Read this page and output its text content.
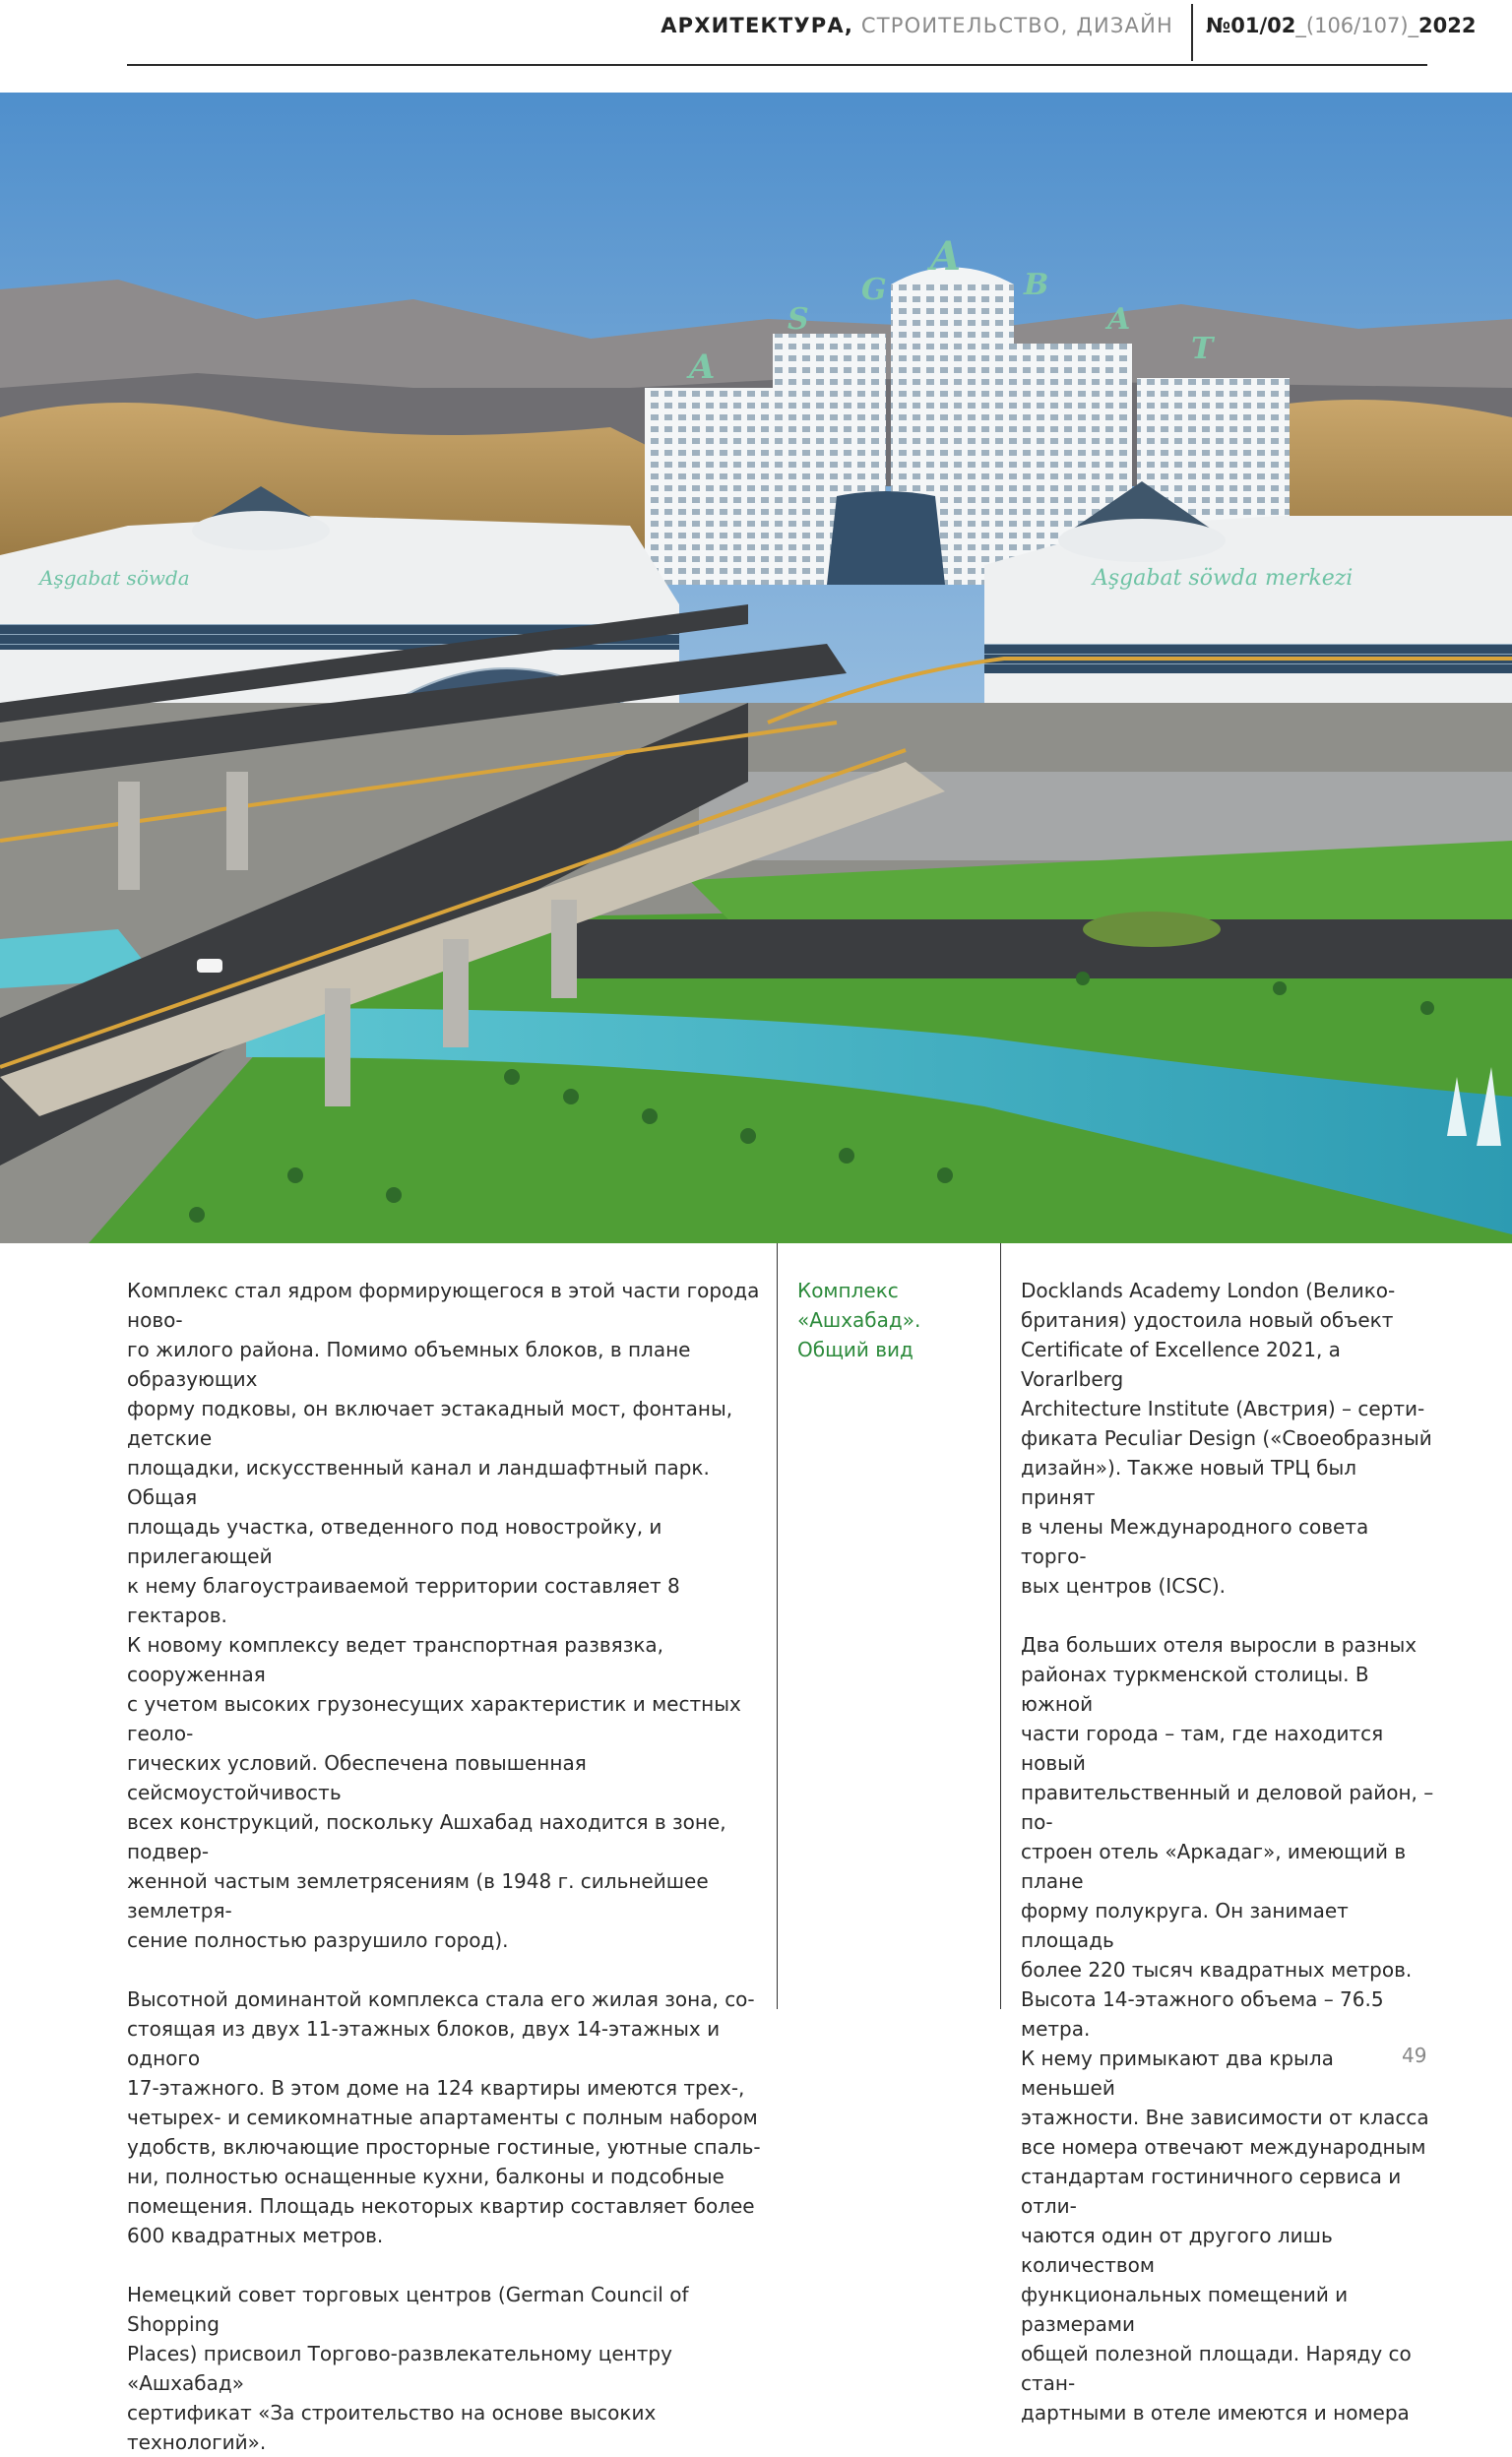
АРХИТЕКТУРА, СТРОИТЕЛЬСТВО, ДИЗАЙН №01/02_(106/107)_2022
A
S
G
A
B
A
T
Aşgabat söwda	Aşgabat söwda merkezi

Комплекс стал ядром формирующегося в этой части города ново-
го жилого района. Помимо объемных блоков, в плане образующих
форму подковы, он включает эстакадный мост, фонтаны, детские
площадки, искусственный канал и ландшафтный парк. Общая
площадь участка, отведенного под новостройку, и прилегающей
к нему благоустраиваемой территории составляет 8 гектаров.
К новому комплексу ведет транспортная развязка, сооруженная
с учетом высоких грузонесущих характеристик и местных геоло-
гических условий. Обеспечена повышенная сейсмоустойчивость
всех конструкций, поскольку Ашхабад находится в зоне, подвер-
женной частым землетрясениям (в 1948 г. сильнейшее землетря-
сение полностью разрушило город).

Высотной доминантой комплекса стала его жилая зона, со-
стоящая из двух 11-этажных блоков, двух 14-этажных и одного
17-этажного. В этом доме на 124 квартиры имеются трех-,
четырех- и семикомнатные апартаменты с полным набором
удобств, включающие просторные гостиные, уютные спаль-
ни, полностью оснащенные кухни, балконы и подсобные
помещения. Площадь некоторых квартир составляет более
600 квадратных метров.

Немецкий совет торговых центров (German Council of Shopping
Places) присвоил Торгово-развлекательному центру «Ашхабад»
сертификат «За строительство на основе высоких технологий».

Комплекс
«Ашхабад».
Общий вид

Docklands Academy London (Велико-
британия) удостоила новый объект
Certificate of Excellence 2021, а Vorarlberg
Architecture Institute (Австрия) – серти-
фиката Peculiar Design («Своеобразный
дизайн»). Также новый ТРЦ был принят
в члены Международного совета торго-
вых центров (ICSC).

Два больших отеля выросли в разных
районах туркменской столицы. В южной
части города – там, где находится новый
правительственный и деловой район, – по-
строен отель «Аркадаг», имеющий в плане
форму полукруга. Он занимает площадь
более 220 тысяч квадратных метров.
Высота 14-этажного объема – 76.5 метра.
К нему примыкают два крыла меньшей
этажности. Вне зависимости от класса
все номера отвечают международным
стандартам гостиничного сервиса и отли-
чаются один от другого лишь количеством
функциональных помещений и размерами
общей полезной площади. Наряду со стан-
дартными в отеле имеются и номера

49
